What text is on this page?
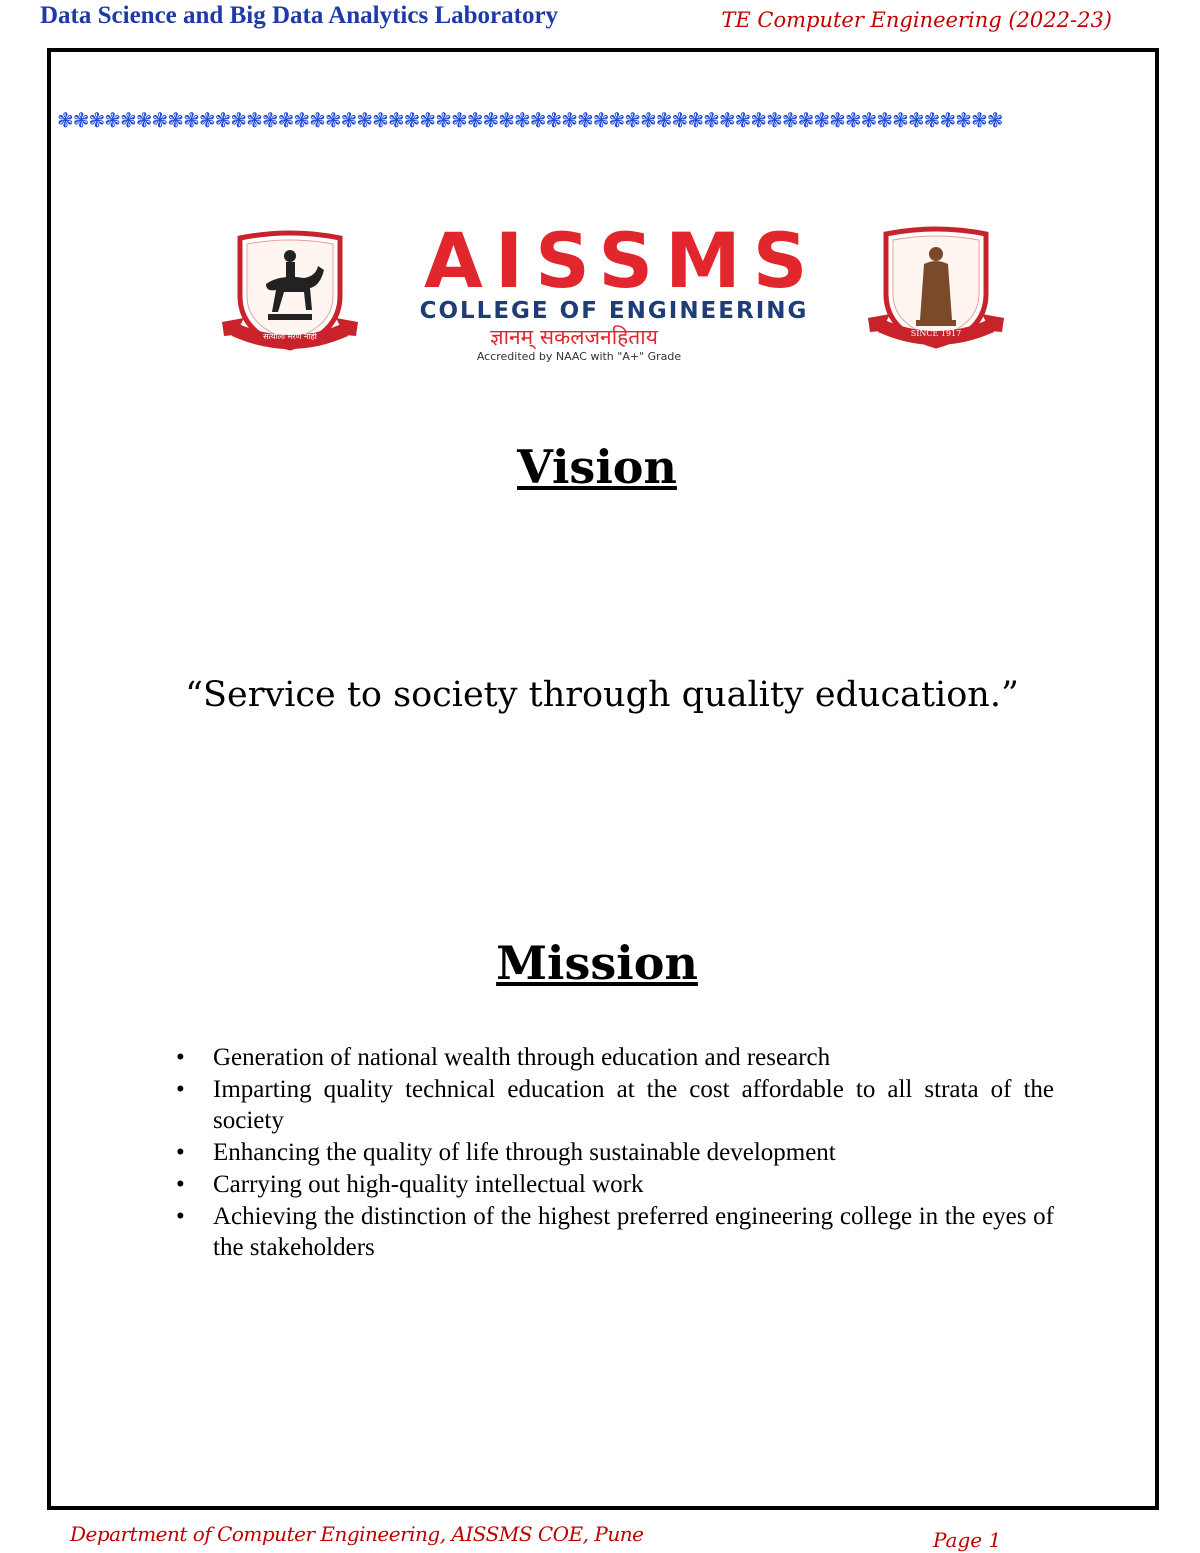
Data Science and Big Data Analytics Laboratory	TE Computer Engineering (2022-23)
❃❃❃❃❃❃❃❃❃❃❃❃❃❃❃❃❃❃❃❃❃❃❃❃❃❃❃❃❃❃❃❃❃❃❃❃❃❃❃❃❃❃❃❃❃❃❃❃❃❃❃❃❃❃❃❃❃❃❃❃
सत्याला मरण नाही
AISSMS
COLLEGE OF ENGINEERING
ज्ञानम् सकलजनहिताय
Accredited by NAAC with "A+" Grade
SINCE 1917
Vision
“Service to society through quality education.”
Mission
• Generation of national wealth through education and research
• Imparting quality technical education at the cost affordable to all strata of the society
• Enhancing the quality of life through sustainable development
• Carrying out high-quality intellectual work
• Achieving the distinction of the highest preferred engineering college in the eyes of the stakeholders
Department of Computer Engineering, AISSMS COE, Pune	Page 1
